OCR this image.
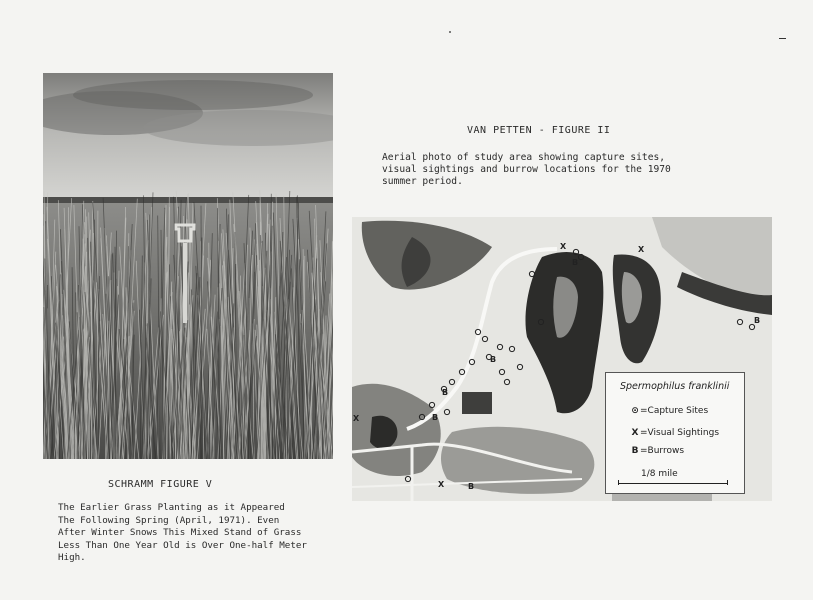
SCHRAMM FIGURE V
The Earlier Grass Planting as it Appeared
The Following Spring (April, 1971). Even
After Winter Snows This Mixed Stand of Grass
Less Than One Year Old is Over One-half Meter
High.
VAN PETTEN - FIGURE II
Aerial photo of study area showing capture sites,
visual sightings and burrow locations for the 1970
summer period.
B
B
B
B
B
B
X	X
X
X
Spermophilus franklinii
⊙=Capture Sites
X =Visual Sightings
B =Burrows
1/8 mile
